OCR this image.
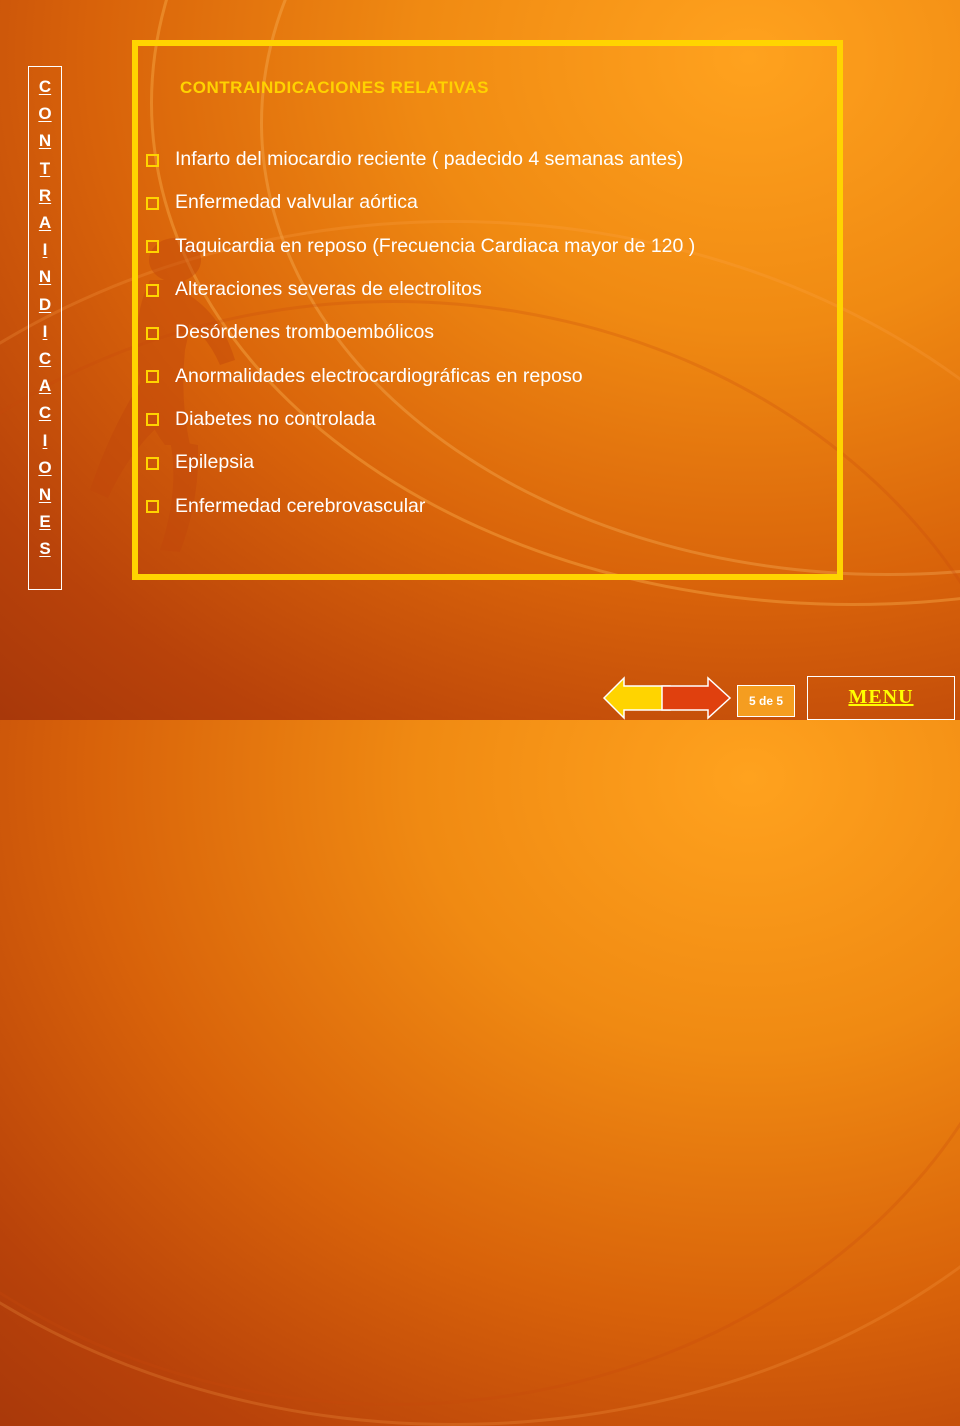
C
O
N
T
R
A
I
N
D
I
C
A
C
I
O
N
E
S
CONTRAINDICACIONES RELATIVAS
Infarto del miocardio reciente ( padecido 4 semanas antes)
Enfermedad valvular aórtica
Taquicardia en reposo (Frecuencia Cardiaca mayor de 120 )
Alteraciones severas de electrolitos
Desórdenes tromboembólicos
Anormalidades electrocardiográficas en reposo
Diabetes no controlada
Epilepsia
Enfermedad cerebrovascular
5 de 5	MENU
